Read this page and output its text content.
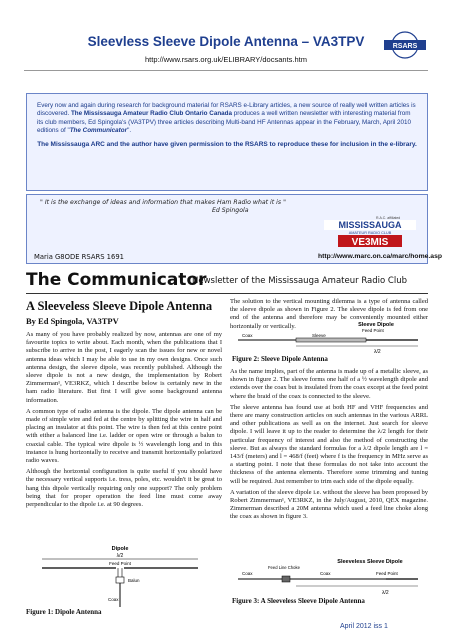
Sleevless Sleeve Dipole Antenna – VA3TPV
http://www.rsars.org.uk/ELIBRARY/docsants.htm
RSARS
Every now and again during research for background material for RSARS e-Library articles, a new source of really well written articles is discovered. The Mississauga Amateur Radio Club Ontario Canada produces a well written newsletter with interesting material from its club members, Ed Spingola's (VA3TPV) three articles describing Multi-band HF Antennas appear in the February, March, April 2010 editions of "The Communicator".
The Mississauga ARC and the author have given permission to the RSARS to reproduce these for inclusion in the e-library.
" It is the exchange of ideas and information that makes Ham Radio what it is "
Ed Spingola
R.A.C. affiliated
MISSISSAUGA
AMATEUR RADIO CLUB
VE3MIS
Maria G8ODE RSARS 1691	http://www.marc.on.ca/marc/home.asp
The Communicator
Newsletter of the Mississauga Amateur Radio Club
A Sleeveless Sleeve Dipole Antenna
By Ed Spingola, VA3TPV

As many of you have probably realized by now, antennas are one of my favourite topics to write about. Each month, when the publications that I subscribe to arrive in the post, I eagerly scan the issues for new or novel antenna ideas which I may be able to use in my own designs. Once such antenna design, the sleeve dipole, was recently published. Although the sleeve dipole is not a new design, the implementation by Robert Zimmerman¹, VE3RKZ, which I describe below is certainly new in the ham radio literature. But first I will give some background antenna information.

A common type of radio antenna is the dipole. The dipole antenna can be made of simple wire and fed at the centre by splitting the wire in half and placing an insulator at this point. The wire is then fed at this centre point with either a balanced line i.e. ladder or open wire or through a balun to coaxial cable. The typical wire dipole is ½ wavelength long and in this instance is hung horizontally to receive and transmit horizontally polarized radio waves.

Although the horizontal configuration is quite useful if you should have the necessary vertical supports i.e. tress, poles, etc. wouldn't it be great to hang this dipole vertically requiring only one support? The only problem being that for proper operation the feed line must come away perpendicular to the dipole i.e. at 90 degrees.

Dipole
λ/2
Feed Point
Balun
Coax
Figure 1: Dipole Antenna

The solution to the vertical mounting dilemma is a type of antenna called the sleeve dipole as shown in Figure 2. The sleeve dipole is fed from one end of the antenna and therefore may be conveniently mounted either horizontally or vertically.	Sleeve Dipole
Feed Point
Coax	Sleeve
λ/2
Figure 2: Sleeve Dipole Antenna

As the name implies, part of the antenna is made up of a metallic sleeve, as shown in figure 2. The sleeve forms one half of a ½ wavelength dipole and extends over the coax but is insulated from the coax except at the feed point where the braid of the coax is connected to the sleeve.

The sleeve antenna has found use at both HF and VHF frequencies and there are many construction articles on such antennas in the various ARRL and other publications as well as on the internet. Just search for sleeve dipole. I will leave it up to the reader to determine the λ/2 length for their particular frequency of interest and also the method of constructing the sleeve. But as always the standard formulas for a λ/2 dipole length are l = 143/f (meters) and l = 468/f (feet) where f is the frequency in MHz serve as a starting point. I note that these formulas do not take into account the thickness of the antenna elements. Therefore some trimming and tuning will be required. Just remember to trim each side of the dipole equally.

A variation of the sleeve dipole i.e. without the sleeve has been proposed by Robert Zimmerman¹, VE3RKZ, in the July/August, 2010, QEX magazine. Zimmerman described a 20M antenna which used a feed line choke along the coax as shown in figure 3.

Sleeveless Sleeve Dipole
Feed Line Choke
Coax	Coax	Feed Point
λ/2
Figure 3: A Sleeveless Sleeve Dipole Antenna
April 2012 iss 1
